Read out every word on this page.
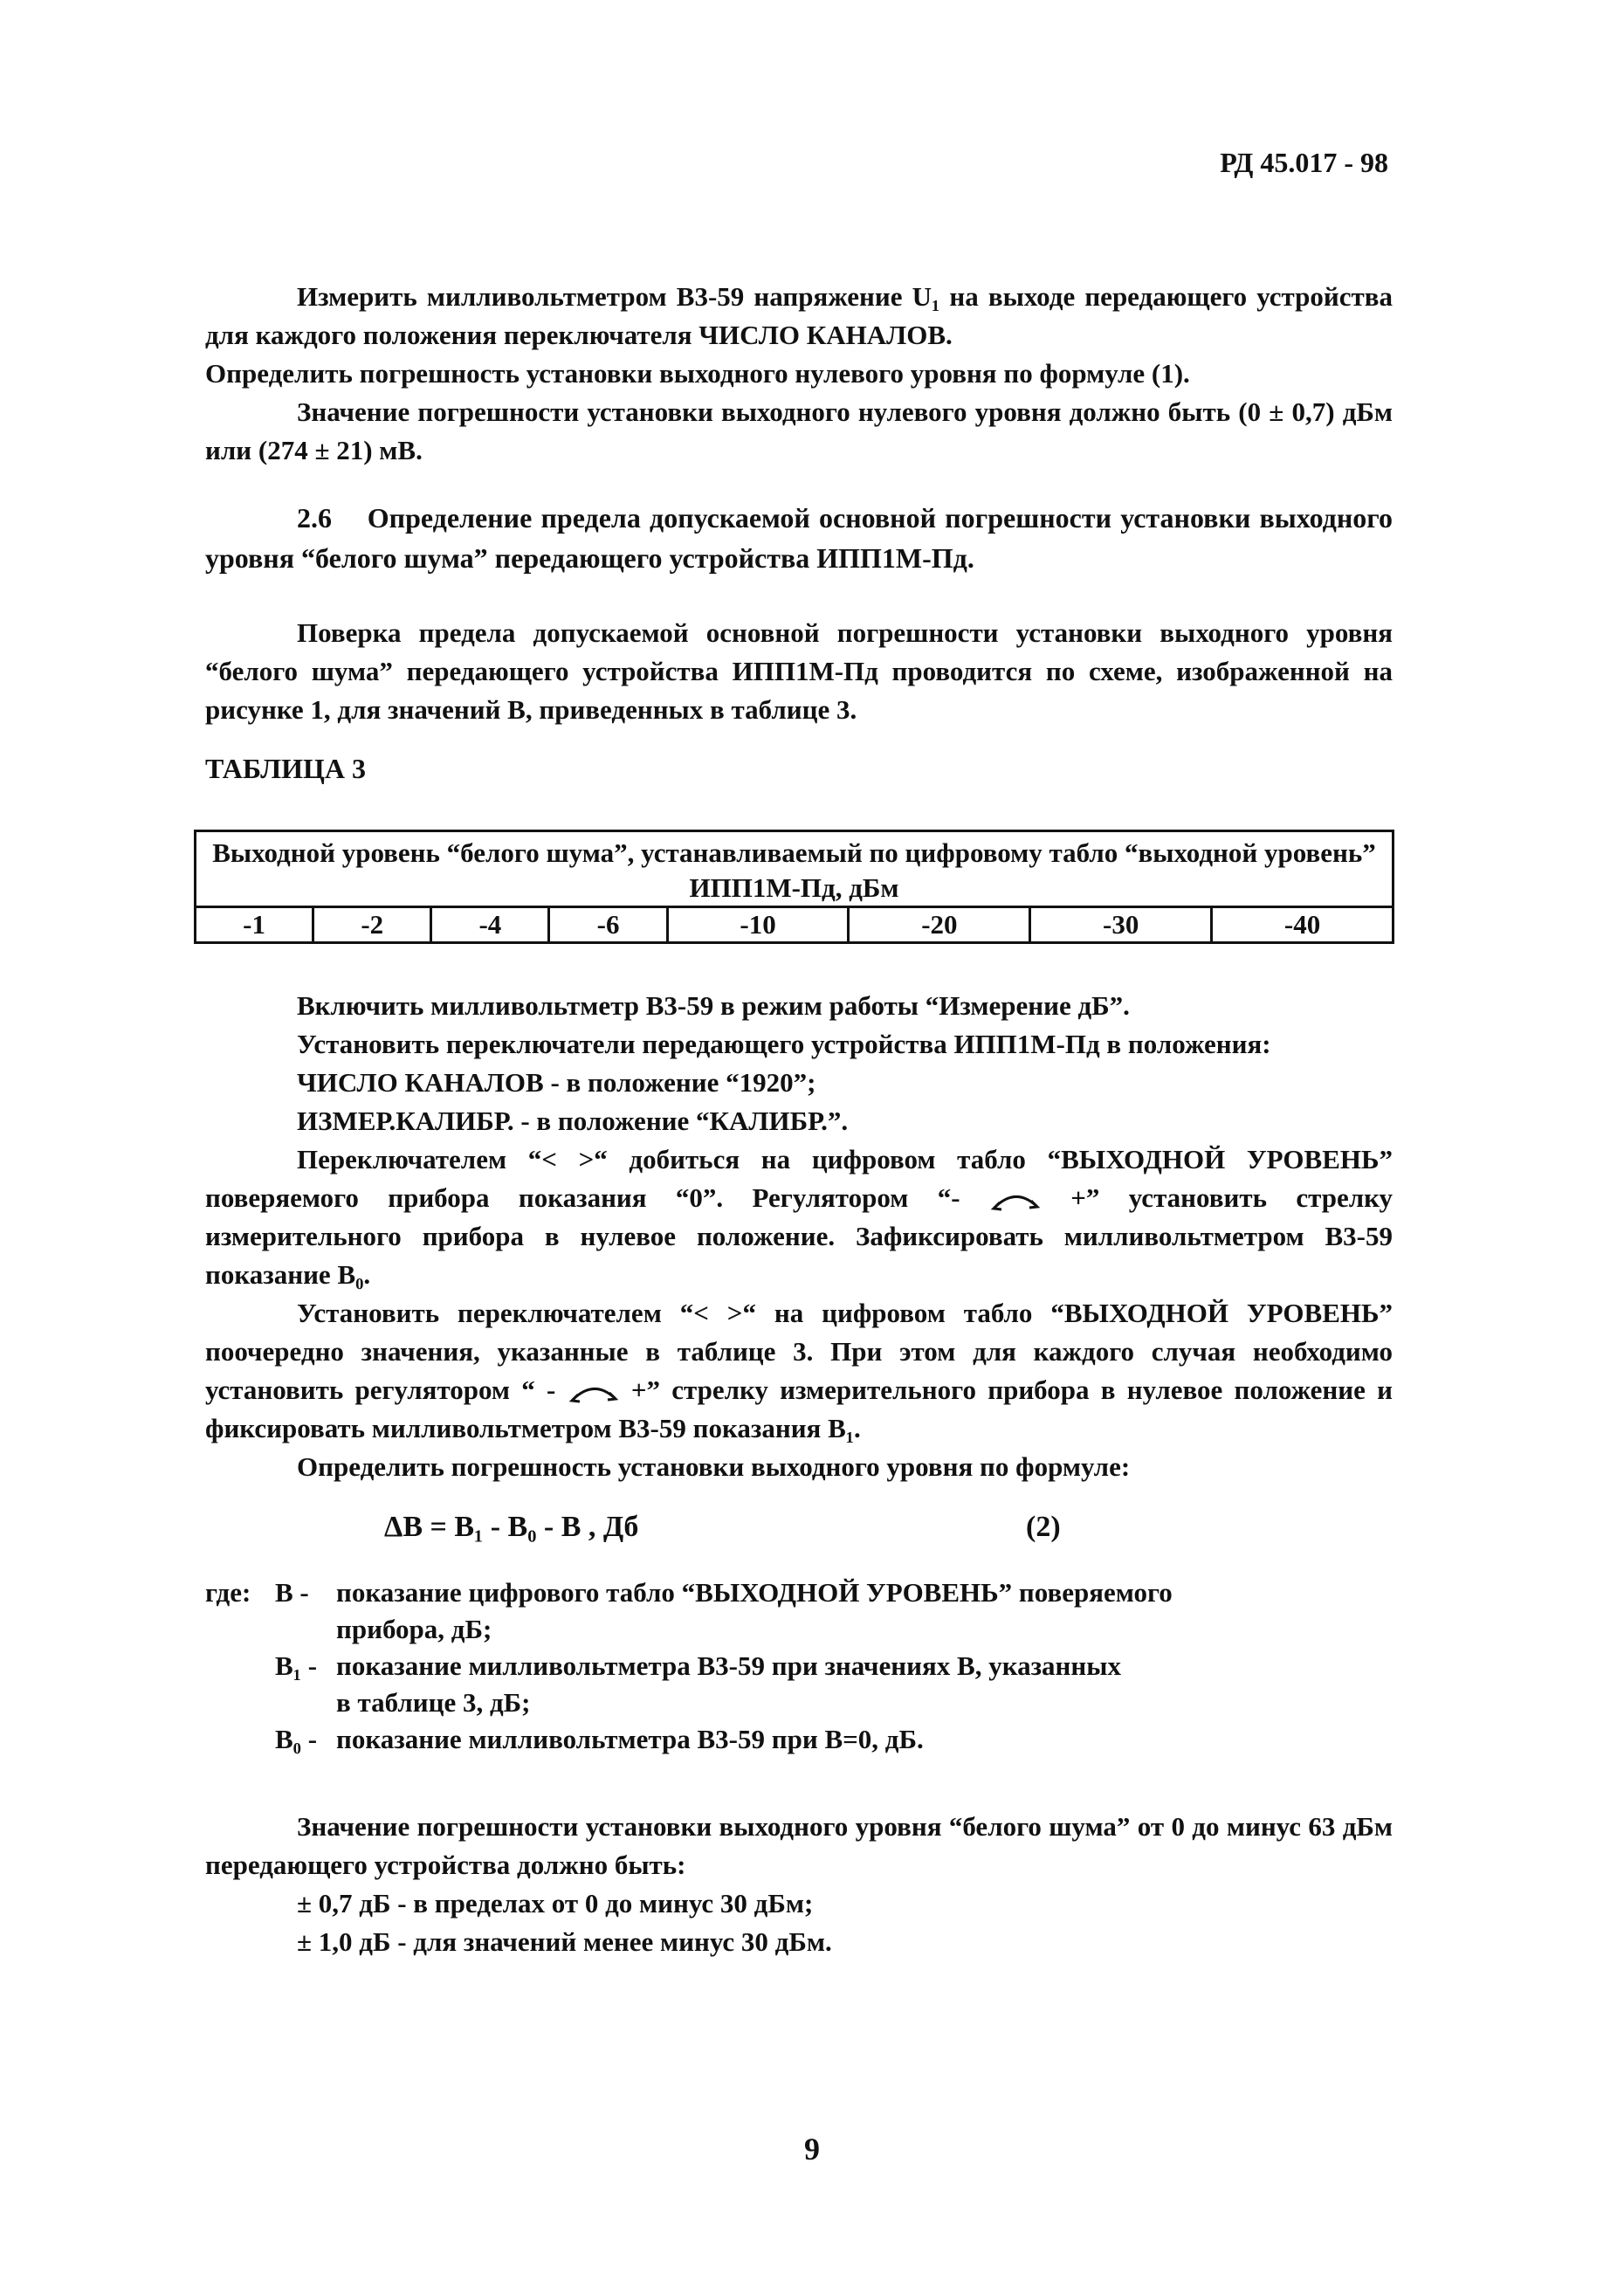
РД 45.017 - 98
Измерить милливольтметром В3-59 напряжение U₁ на выходе передающего устройства для каждого положения переключателя ЧИСЛО КАНАЛОВ.
Определить погрешность установки выходного нулевого уровня по формуле (1).
Значение погрешности установки выходного нулевого уровня должно быть (0 ± 0,7) дБм или (274 ± 21) мВ.
2.6 Определение предела допускаемой основной погрешности установки выходного уровня “белого шума” передающего устройства ИПП1М-Пд.
Поверка предела допускаемой основной погрешности установки выходного уровня “белого шума” передающего устройства ИПП1М-Пд проводится по схеме, изображенной на рисунке 1, для значений В, приведенных в таблице 3.
ТАБЛИЦА 3
Выходной уровень “белого шума”, устанавливаемый по цифровому табло “выходной уровень” ИПП1М-Пд, дБм
-1	-2	-4	-6	-10	-20	-30	-40
Включить милливольтметр В3-59 в режим работы “Измерение дБ”.
Установить переключатели передающего устройства ИПП1М-Пд в положения:
ЧИСЛО КАНАЛОВ - в положение “1920”;
ИЗМЕР.КАЛИБР. - в положение “КАЛИБР.”.
Переключателем “< >“ добиться на цифровом табло “ВЫХОДНОЙ УРОВЕНЬ” поверяемого прибора показания “0”. Регулятором “-	+” установить стрелку измерительного прибора в нулевое положение. Зафиксировать милливольтметром В3-59 показание В₀.
Установить переключателем “< >“ на цифровом табло “ВЫХОДНОЙ УРОВЕНЬ” поочередно значения, указанные в таблице 3. При этом для каждого случая необходимо установить регулятором “ -	+” стрелку измерительного прибора в нулевое положение и фиксировать милливольтметром В3-59 показания В₁.
Определить погрешность установки выходного уровня по формуле:
ΔВ = В₁ - В₀ - В , Дб	(2)
где: В -	показание цифрового табло “ВЫХОДНОЙ УРОВЕНЬ” поверяемого
прибора, дБ;
В₁ - показание милливольтметра В3-59 при значениях В, указанных
в таблице 3, дБ;
В₀ - показание милливольтметра В3-59 при В=0, дБ.
Значение погрешности установки выходного уровня “белого шума” от 0 до минус 63 дБм передающего устройства должно быть:
± 0,7 дБ - в пределах от 0 до минус 30 дБм;
± 1,0 дБ - для значений менее минус 30 дБм.
9
